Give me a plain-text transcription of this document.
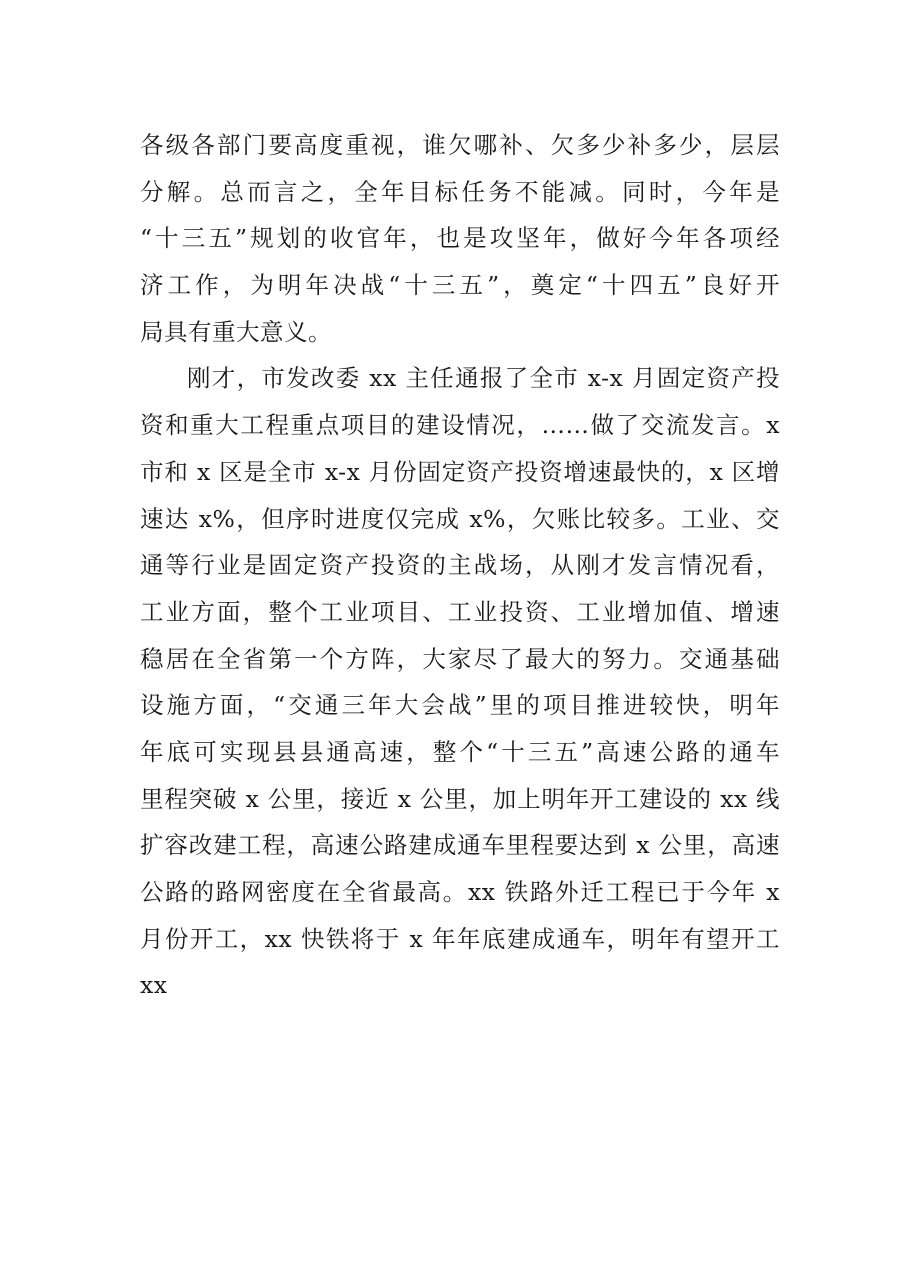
各级各部门要高度重视，谁欠哪补、欠多少补多少，层层
分解。总而言之，全年目标任务不能减。同时，今年是
“十三五”规划的收官年，也是攻坚年，做好今年各项经
济工作，为明年决战“十三五”，奠定“十四五”良好开
局具有重大意义。
刚才，市发改委 xx 主任通报了全市 x-x 月固定资产投
资和重大工程重点项目的建设情况，……做了交流发言。x
市和 x 区是全市 x-x 月份固定资产投资增速最快的，x 区增
速达 x%，但序时进度仅完成 x%，欠账比较多。工业、交
通等行业是固定资产投资的主战场，从刚才发言情况看，
工业方面，整个工业项目、工业投资、工业增加值、增速
稳居在全省第一个方阵，大家尽了最大的努力。交通基础
设施方面，“交通三年大会战”里的项目推进较快，明年
年底可实现县县通高速，整个“十三五”高速公路的通车
里程突破 x 公里，接近 x 公里，加上明年开工建设的 xx 线
扩容改建工程，高速公路建成通车里程要达到 x 公里，高速
公路的路网密度在全省最高。xx 铁路外迁工程已于今年 x
月份开工，xx 快铁将于 x 年年底建成通车，明年有望开工
xx
